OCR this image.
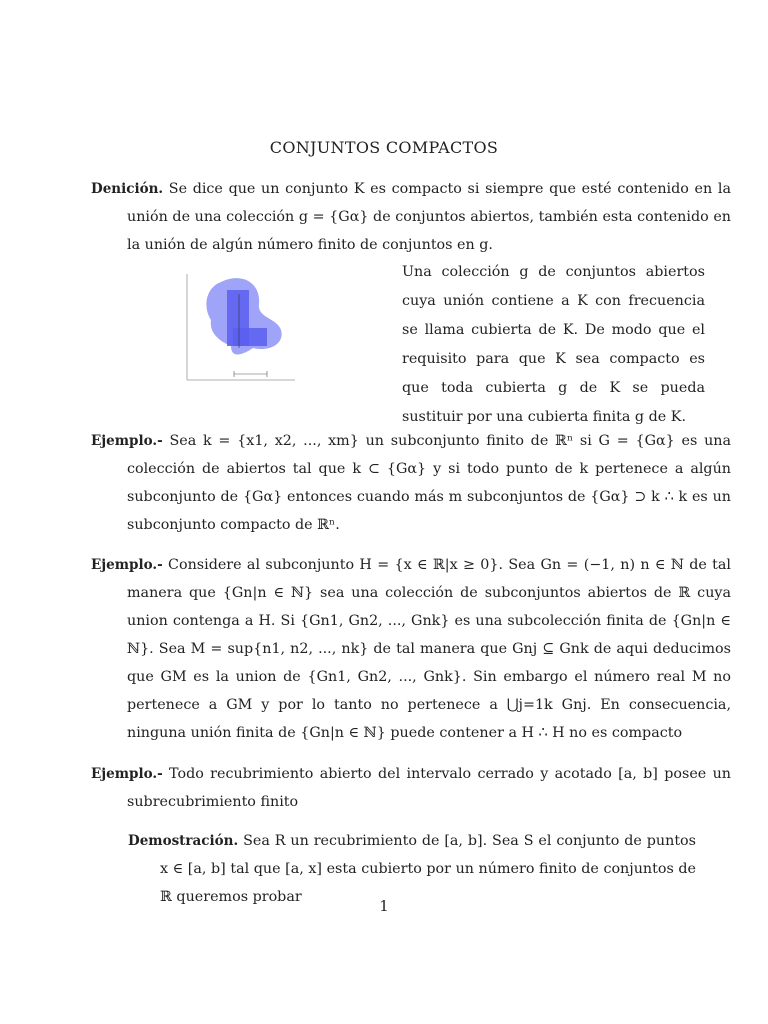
CONJUNTOS COMPACTOS
Denición. Se dice que un conjunto K es compacto si siempre que esté contenido en la unión de una colección g = {Gα} de conjuntos abiertos, también esta contenido en la unión de algún número finito de conjuntos en g.
Una colección g de conjuntos abiertos cuya unión contiene a K con frecuencia se llama cubierta de K. De modo que el requisito para que K sea compacto es que toda cubierta g de K se pueda sustituir por una cubierta finita g de K.
Ejemplo.- Sea k = {x1, x2, ..., xm} un subconjunto finito de ℝⁿ si G = {Gα} es una colección de abiertos tal que k ⊂ {Gα} y si todo punto de k pertenece a algún subconjunto de {Gα} entonces cuando más m subconjuntos de {Gα} ⊃ k ∴ k es un subconjunto compacto de ℝⁿ.
Ejemplo.- Considere al subconjunto H = {x ∈ ℝ|x ≥ 0}. Sea Gn = (−1, n) n ∈ ℕ de tal manera que {Gn|n ∈ ℕ} sea una colección de subconjuntos abiertos de ℝ cuya union contenga a H. Si {Gn1, Gn2, ..., Gnk} es una subcolección finita de {Gn|n ∈ ℕ}. Sea M = sup{n1, n2, ..., nk} de tal manera que Gnj ⊆ Gnk de aqui deducimos que GM es la union de {Gn1, Gn2, ..., Gnk}. Sin embargo el número real M no pertenece a GM y por lo tanto no pertenece a ⋃j=1k Gnj. En consecuencia, ninguna unión finita de {Gn|n ∈ ℕ} puede contener a H ∴ H no es compacto
Ejemplo.- Todo recubrimiento abierto del intervalo cerrado y acotado [a, b] posee un subrecubrimiento finito
Demostración. Sea R un recubrimiento de [a, b]. Sea S el conjunto de puntos x ∈ [a, b] tal que [a, x] esta cubierto por un número finito de conjuntos de ℝ queremos probar	1
